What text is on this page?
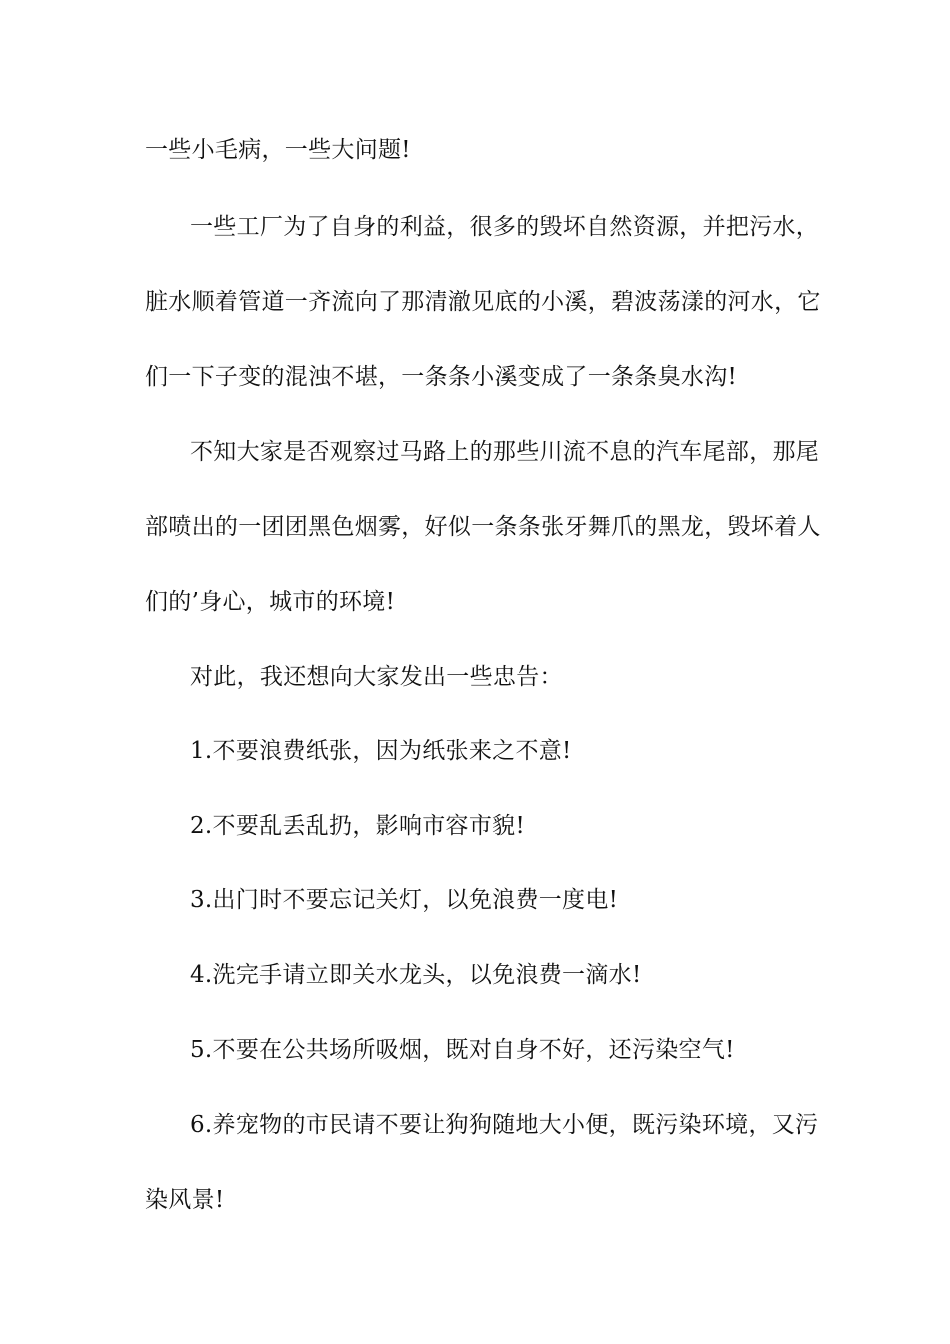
一些小毛病，一些大问题!
一些工厂为了自身的利益，很多的毁坏自然资源，并把污水，
脏水顺着管道一齐流向了那清澈见底的小溪，碧波荡漾的河水，它
们一下子变的混浊不堪，一条条小溪变成了一条条臭水沟!
不知大家是否观察过马路上的那些川流不息的汽车尾部，那尾
部喷出的一团团黑色烟雾，好似一条条张牙舞爪的黑龙，毁坏着人
们的’身心，城市的环境!
对此，我还想向大家发出一些忠告：
1.不要浪费纸张，因为纸张来之不意!
2.不要乱丢乱扔，影响市容市貌!
3.出门时不要忘记关灯，以免浪费一度电!
4.洗完手请立即关水龙头，以免浪费一滴水!
5.不要在公共场所吸烟，既对自身不好，还污染空气!
6.养宠物的市民请不要让狗狗随地大小便，既污染环境，又污
染风景!
